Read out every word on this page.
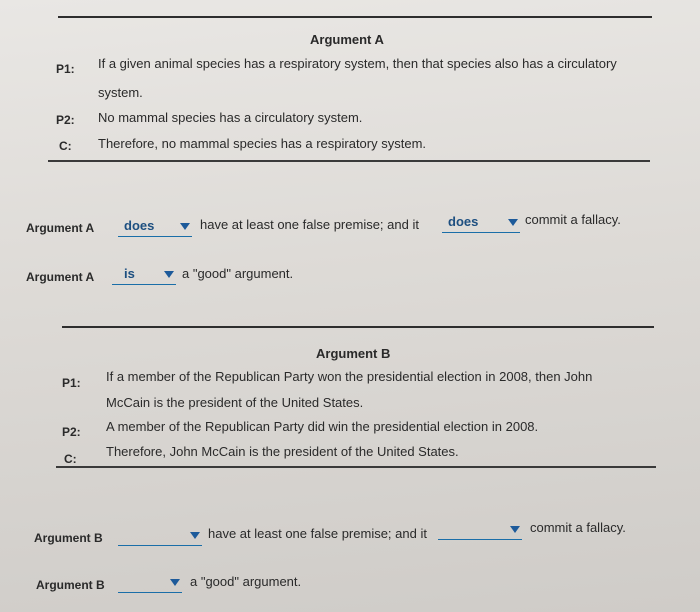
Argument A
P1: If a given animal species has a respiratory system, then that species also has a circulatory
system.
P2: No mammal species has a circulatory system.
C: Therefore, no mammal species has a respiratory system.
Argument A does	have at least one false premise; and it does	commit a fallacy.
Argument A is	a "good" argument.
Argument B
P1: If a member of the Republican Party won the presidential election in 2008, then John
McCain is the president of the United States.
P2: A member of the Republican Party did win the presidential election in 2008.
C: Therefore, John McCain is the president of the United States.
Argument B	have at least one false premise; and it	commit a fallacy.
Argument B	a "good" argument.
